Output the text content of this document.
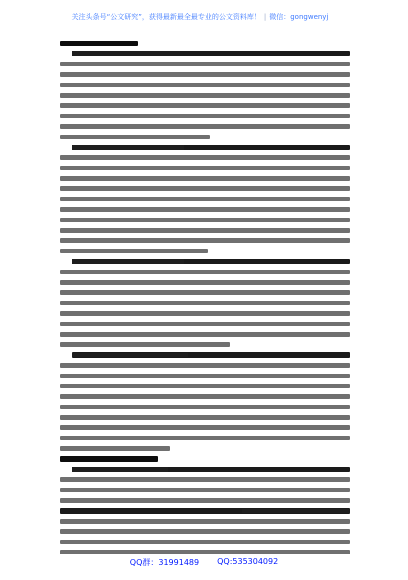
关注头条号“公文研究”，获得最新最全最专业的公文资料库！ | 微信：gongwenyj
QQ群：31991489 QQ:535304092
